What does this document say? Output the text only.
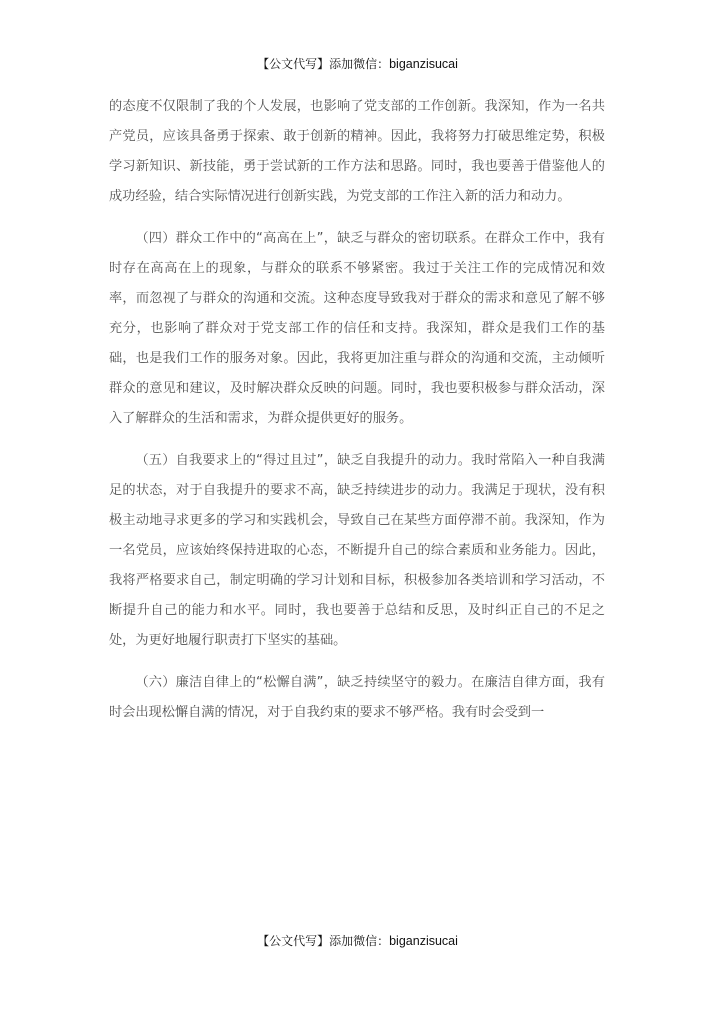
【公文代写】添加微信：biganzisucai

的态度不仅限制了我的个人发展，也影响了党支部的工作创新。我深知，作为一名共产党员，应该具备勇于探索、敢于创新的精神。因此，我将努力打破思维定势，积极学习新知识、新技能，勇于尝试新的工作方法和思路。同时，我也要善于借鉴他人的成功经验，结合实际情况进行创新实践，为党支部的工作注入新的活力和动力。

（四）群众工作中的“高高在上”，缺乏与群众的密切联系。在群众工作中，我有时存在高高在上的现象，与群众的联系不够紧密。我过于关注工作的完成情况和效率，而忽视了与群众的沟通和交流。这种态度导致我对于群众的需求和意见了解不够充分，也影响了群众对于党支部工作的信任和支持。我深知，群众是我们工作的基础，也是我们工作的服务对象。因此，我将更加注重与群众的沟通和交流，主动倾听群众的意见和建议，及时解决群众反映的问题。同时，我也要积极参与群众活动，深入了解群众的生活和需求，为群众提供更好的服务。

（五）自我要求上的“得过且过”，缺乏自我提升的动力。我时常陷入一种自我满足的状态，对于自我提升的要求不高，缺乏持续进步的动力。我满足于现状，没有积极主动地寻求更多的学习和实践机会，导致自己在某些方面停滞不前。我深知，作为一名党员，应该始终保持进取的心态，不断提升自己的综合素质和业务能力。因此，我将严格要求自己，制定明确的学习计划和目标，积极参加各类培训和学习活动，不断提升自己的能力和水平。同时，我也要善于总结和反思，及时纠正自己的不足之处，为更好地履行职责打下坚实的基础。

（六）廉洁自律上的“松懈自满”，缺乏持续坚守的毅力。在廉洁自律方面，我有时会出现松懈自满的情况，对于自我约束的要求不够严格。我有时会受到一

【公文代写】添加微信：biganzisucai
